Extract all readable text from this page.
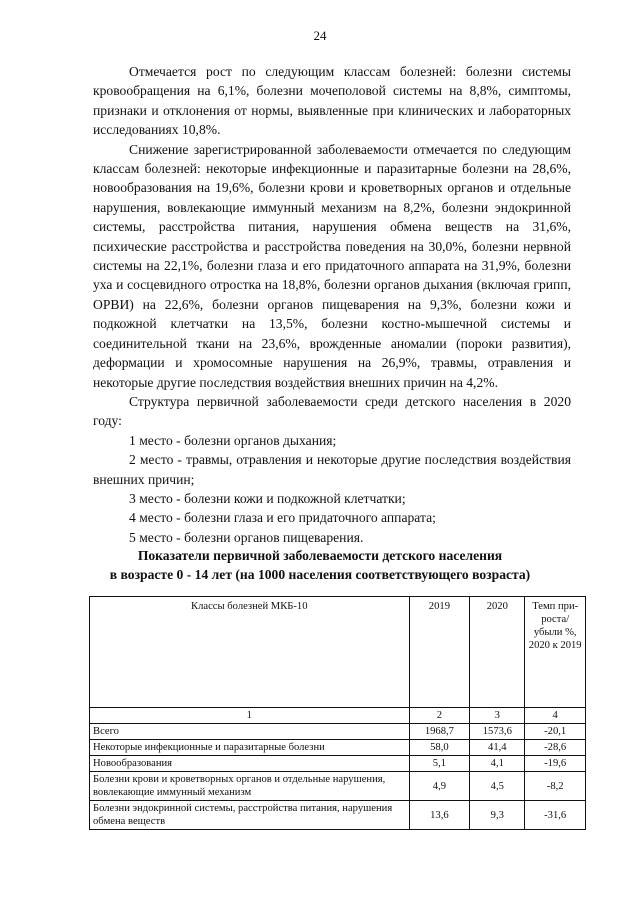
24

Отмечается рост по следующим классам болезней: болезни системы кровообращения на 6,1%, болезни мочеполовой системы на 8,8%, симптомы, признаки и отклонения от нормы, выявленные при клинических и лабораторных исследованиях 10,8%.

Снижение зарегистрированной заболеваемости отмечается по следующим классам болезней: некоторые инфекционные и паразитарные болезни на 28,6%, новообразования на 19,6%, болезни крови и кроветворных органов и отдельные нарушения, вовлекающие иммунный механизм на 8,2%, болезни эндокринной системы, расстройства питания, нарушения обмена веществ на 31,6%, психические расстройства и расстройства поведения на 30,0%, болезни нервной системы на 22,1%, болезни глаза и его придаточного аппарата на 31,9%, болезни уха и сосцевидного отростка на 18,8%, болезни органов дыхания (включая грипп, ОРВИ) на 22,6%, болезни органов пищеварения на 9,3%, болезни кожи и подкожной клетчатки на 13,5%, болезни костно-мышечной системы и соединительной ткани на 23,6%, врожденные аномалии (пороки развития), деформации и хромосомные нарушения на 26,9%, травмы, отравления и некоторые другие последствия воздействия внешних причин на 4,2%.

Структура первичной заболеваемости среди детского населения в 2020 году:

1 место - болезни органов дыхания;

2 место - травмы, отравления и некоторые другие последствия воздействия внешних причин;

3 место - болезни кожи и подкожной клетчатки;

4 место - болезни глаза и его придаточного аппарата;

5 место - болезни органов пищеварения.

Показатели первичной заболеваемости детского населения
в возрасте 0 - 14 лет (на 1000 населения соответствующего возраста)
Классы болезней МКБ-10	2019	2020	Темп при-роста/ убыли %, 2020 к 2019
1	2	3	4
Всего	1968,7	1573,6	-20,1
Некоторые инфекционные и паразитарные болезни	58,0	41,4	-28,6
Новообразования	5,1	4,1	-19,6
Болезни крови и кроветворных органов и отдельные нарушения, вовлекающие иммунный механизм	4,9	4,5	-8,2
Болезни эндокринной системы, расстройства питания, нарушения обмена веществ	13,6	9,3	-31,6
